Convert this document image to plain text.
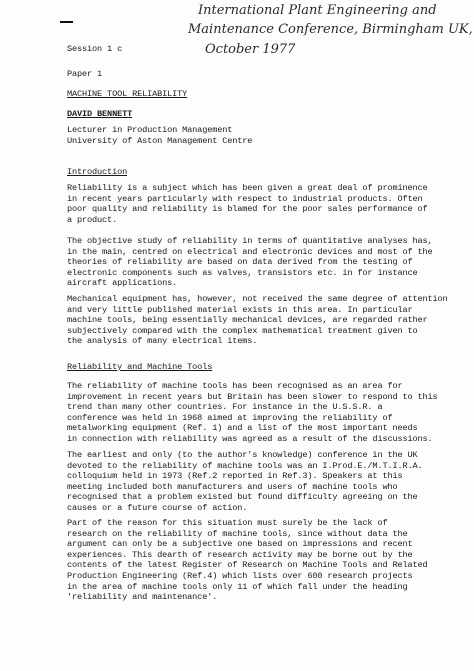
International Plant Engineering and
Maintenance Conference, Birmingham UK,
October 1977
Session 1 c
Paper 1
MACHINE TOOL RELIABILITY
DAVID BENNETT
Lecturer in Production Management
University of Aston Management Centre
Introduction
Reliability is a subject which has been given a great deal of prominence
in recent years particularly with respect to industrial products. Often
poor quality and reliability is blamed for the poor sales performance of
a product.
The objective study of reliability in terms of quantitative analyses has,
in the main, centred on electrical and electronic devices and most of the
theories of reliability are based on data derived from the testing of
electronic components such as valves, transistors etc. in for instance
aircraft applications.
Mechanical equipment has, however, not received the same degree of attention
and very little published material exists in this area. In particular
machine tools, being essentially mechanical devices, are regarded rather
subjectively compared with the complex mathematical treatment given to
the analysis of many electrical items.
Reliability and Machine Tools
The reliability of machine tools has been recognised as an area for
improvement in recent years but Britain has been slower to respond to this
trend than many other countries. For instance in the U.S.S.R. a
conference was held in 1968 aimed at improving the reliability of
metalworking equipment (Ref. 1) and a list of the most important needs
in connection with reliability was agreed as a result of the discussions.
The earliest and only (to the author's knowledge) conference in the UK
devoted to the reliability of machine tools was an I.Prod.E./M.T.I.R.A.
colloquium held in 1973 (Ref.2 reported in Ref.3). Speakers at this
meeting included both manufacturers and users of machine tools who
recognised that a problem existed but found difficulty agreeing on the
causes or a future course of action.
Part of the reason for this situation must surely be the lack of
research on the reliability of machine tools, since without data the
argument can only be a subjective one based on impressions and recent
experiences. This dearth of research activity may be borne out by the
contents of the latest Register of Research on Machine Tools and Related
Production Engineering (Ref.4) which lists over 600 research projects
in the area of machine tools only 11 of which fall under the heading
'reliability and maintenance'.
